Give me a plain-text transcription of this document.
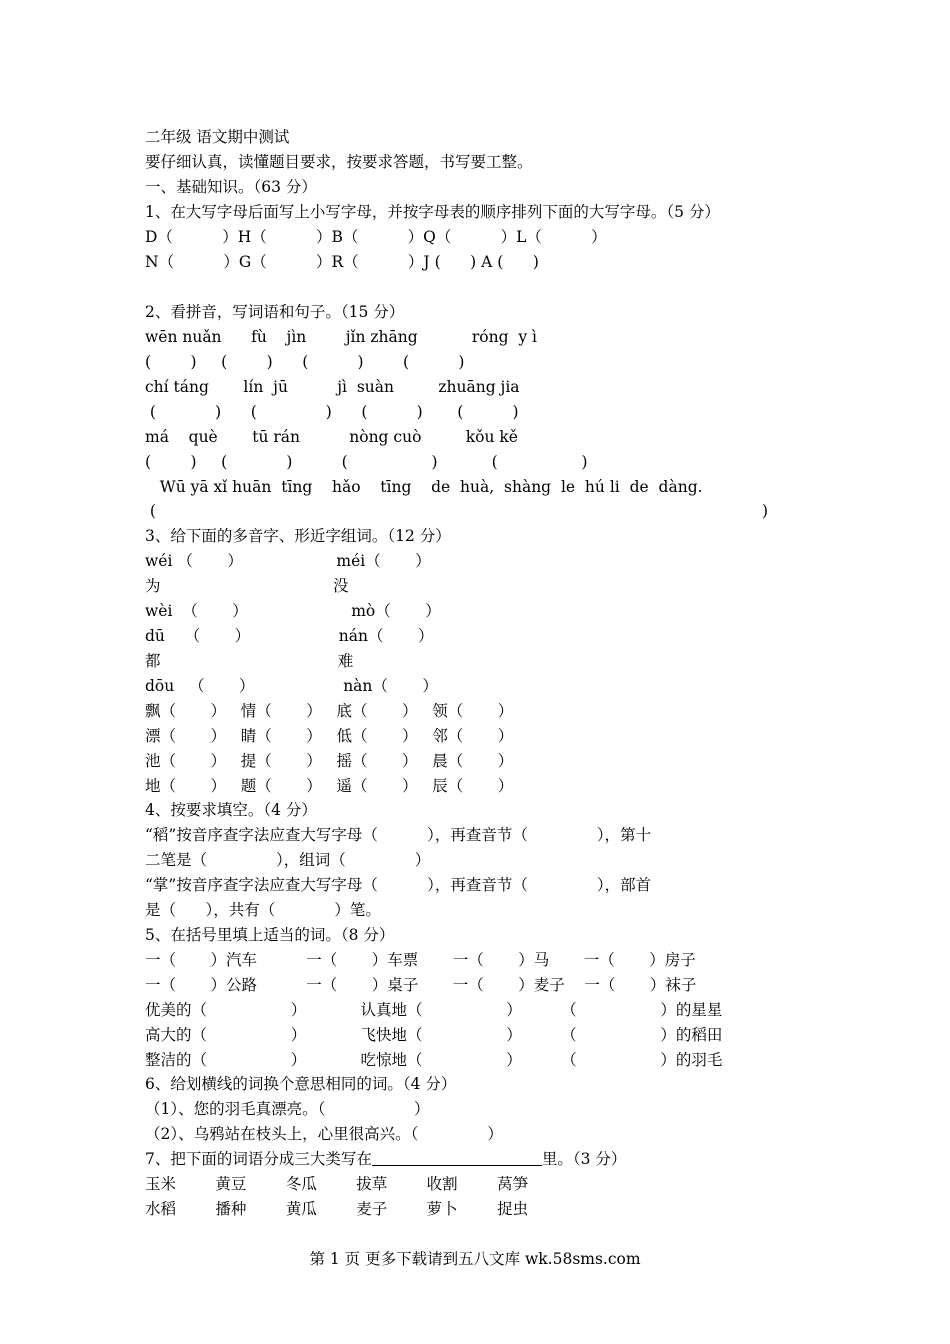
二年级 语文期中测试
要仔细认真，读懂题目要求，按要求答题，书写要工整。
一、基础知识。（63 分）
1、在大写字母后面写上小写字母，并按字母表的顺序排列下面的大写字母。（5 分）
D（          ）H（          ）B（          ）Q（          ）L（          ）
N（          ）G（          ）R（          ）J (      ) A (      )
2、看拼音，写词语和句子。（15 分）
wēn nuǎn      fù    jìn        jǐn zhāng           róng  y ì
(        )     (        )      (          )        (          )
chí táng       lín  jū          jì  suàn         zhuāng jia
(            )      (              )      (          )       (          )
má    què       tū rán          nòng cuò         kǒu kě
(        )     (            )          (                 )           (                 )
Wū yā xǐ huān  tīng    hǎo    tīng    de  huà,  shàng  le  hú li  de  dàng.
(                                                                                                                           )
3、给下面的多音字、形近字组词。（12 分）
wéi （       ）                   méi（       ）
为                                   没
wèi  （       ）                     mò（       ）
dū    （       ）                  nán（       ）
都                                    难
dōu   （       ）                  nàn（       ）
飘（       ）   情（       ）   底（       ）   领（       ）
漂（       ）   睛（       ）   低（       ）   邻（       ）
池（       ）   提（       ）   摇（       ）   晨（       ）
地（       ）   题（       ）   遥（       ）   辰（       ）
4、按要求填空。（4 分）
“稻”按音序查字法应查大写字母（          ），再查音节（              ），第十
二笔是（              ），组词（              ）
“掌”按音序查字法应查大写字母（          ），再查音节（              ），部首
是（      ），共有（            ）笔。
5、在括号里填上适当的词。（8 分）
一（       ）汽车          一（       ）车票       一（       ）马       一（       ）房子
一（       ）公路          一（       ）桌子       一（       ）麦子    一（       ）袜子
优美的（                 ）           认真地（                 ）        （                 ）的星星
高大的（                 ）           飞快地（                 ）        （                 ）的稻田
整洁的（                 ）           吃惊地（                 ）        （                 ）的羽毛
6、给划横线的词换个意思相同的词。（4 分）
（1）、您的羽毛真漂亮。（                  ）
（2）、乌鸦站在枝头上，心里很高兴。（              ）
7、把下面的词语分成三大类写在	里。（3 分）
玉米        黄豆        冬瓜        拔草        收割        莴笋
水稻        播种        黄瓜        麦子        萝卜        捉虫
第 1 页 更多下载请到五八文库 wk.58sms.com
